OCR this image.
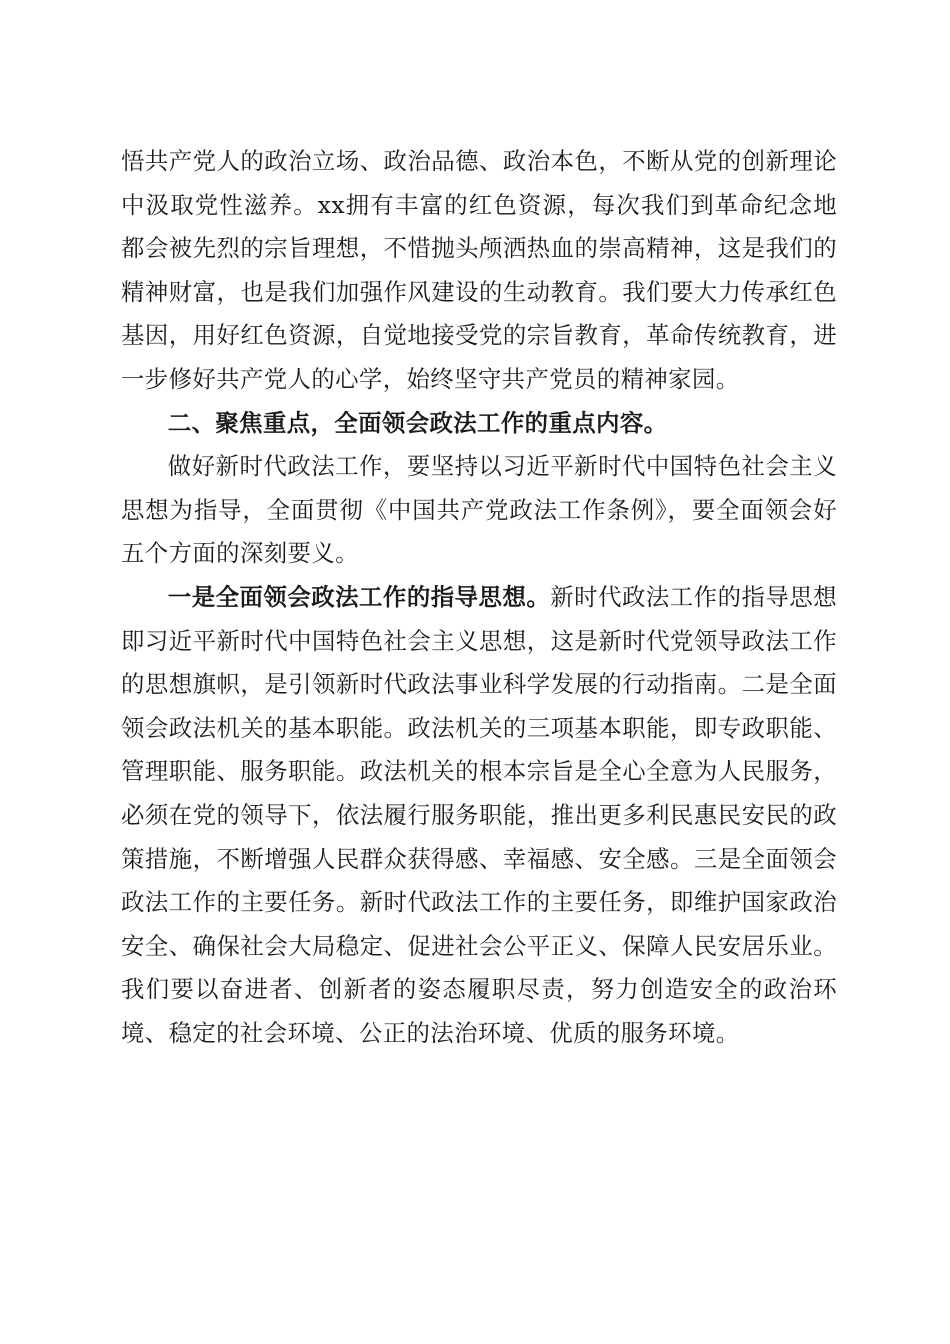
悟共产党人的政治立场、政治品德、政治本色，不断从党的创新理论中汲取党性滋养。xx拥有丰富的红色资源，每次我们到革命纪念地都会被先烈的宗旨理想，不惜抛头颅洒热血的崇高精神，这是我们的精神财富，也是我们加强作风建设的生动教育。我们要大力传承红色基因，用好红色资源，自觉地接受党的宗旨教育，革命传统教育，进一步修好共产党人的心学，始终坚守共产党员的精神家园。

二、聚焦重点，全面领会政法工作的重点内容。

做好新时代政法工作，要坚持以习近平新时代中国特色社会主义思想为指导，全面贯彻《中国共产党政法工作条例》，要全面领会好五个方面的深刻要义。

一是全面领会政法工作的指导思想。新时代政法工作的指导思想即习近平新时代中国特色社会主义思想，这是新时代党领导政法工作的思想旗帜，是引领新时代政法事业科学发展的行动指南。二是全面领会政法机关的基本职能。政法机关的三项基本职能，即专政职能、管理职能、服务职能。政法机关的根本宗旨是全心全意为人民服务，必须在党的领导下，依法履行服务职能，推出更多利民惠民安民的政策措施，不断增强人民群众获得感、幸福感、安全感。三是全面领会政法工作的主要任务。新时代政法工作的主要任务，即维护国家政治安全、确保社会大局稳定、促进社会公平正义、保障人民安居乐业。我们要以奋进者、创新者的姿态履职尽责，努力创造安全的政治环境、稳定的社会环境、公正的法治环境、优质的服务环境。
